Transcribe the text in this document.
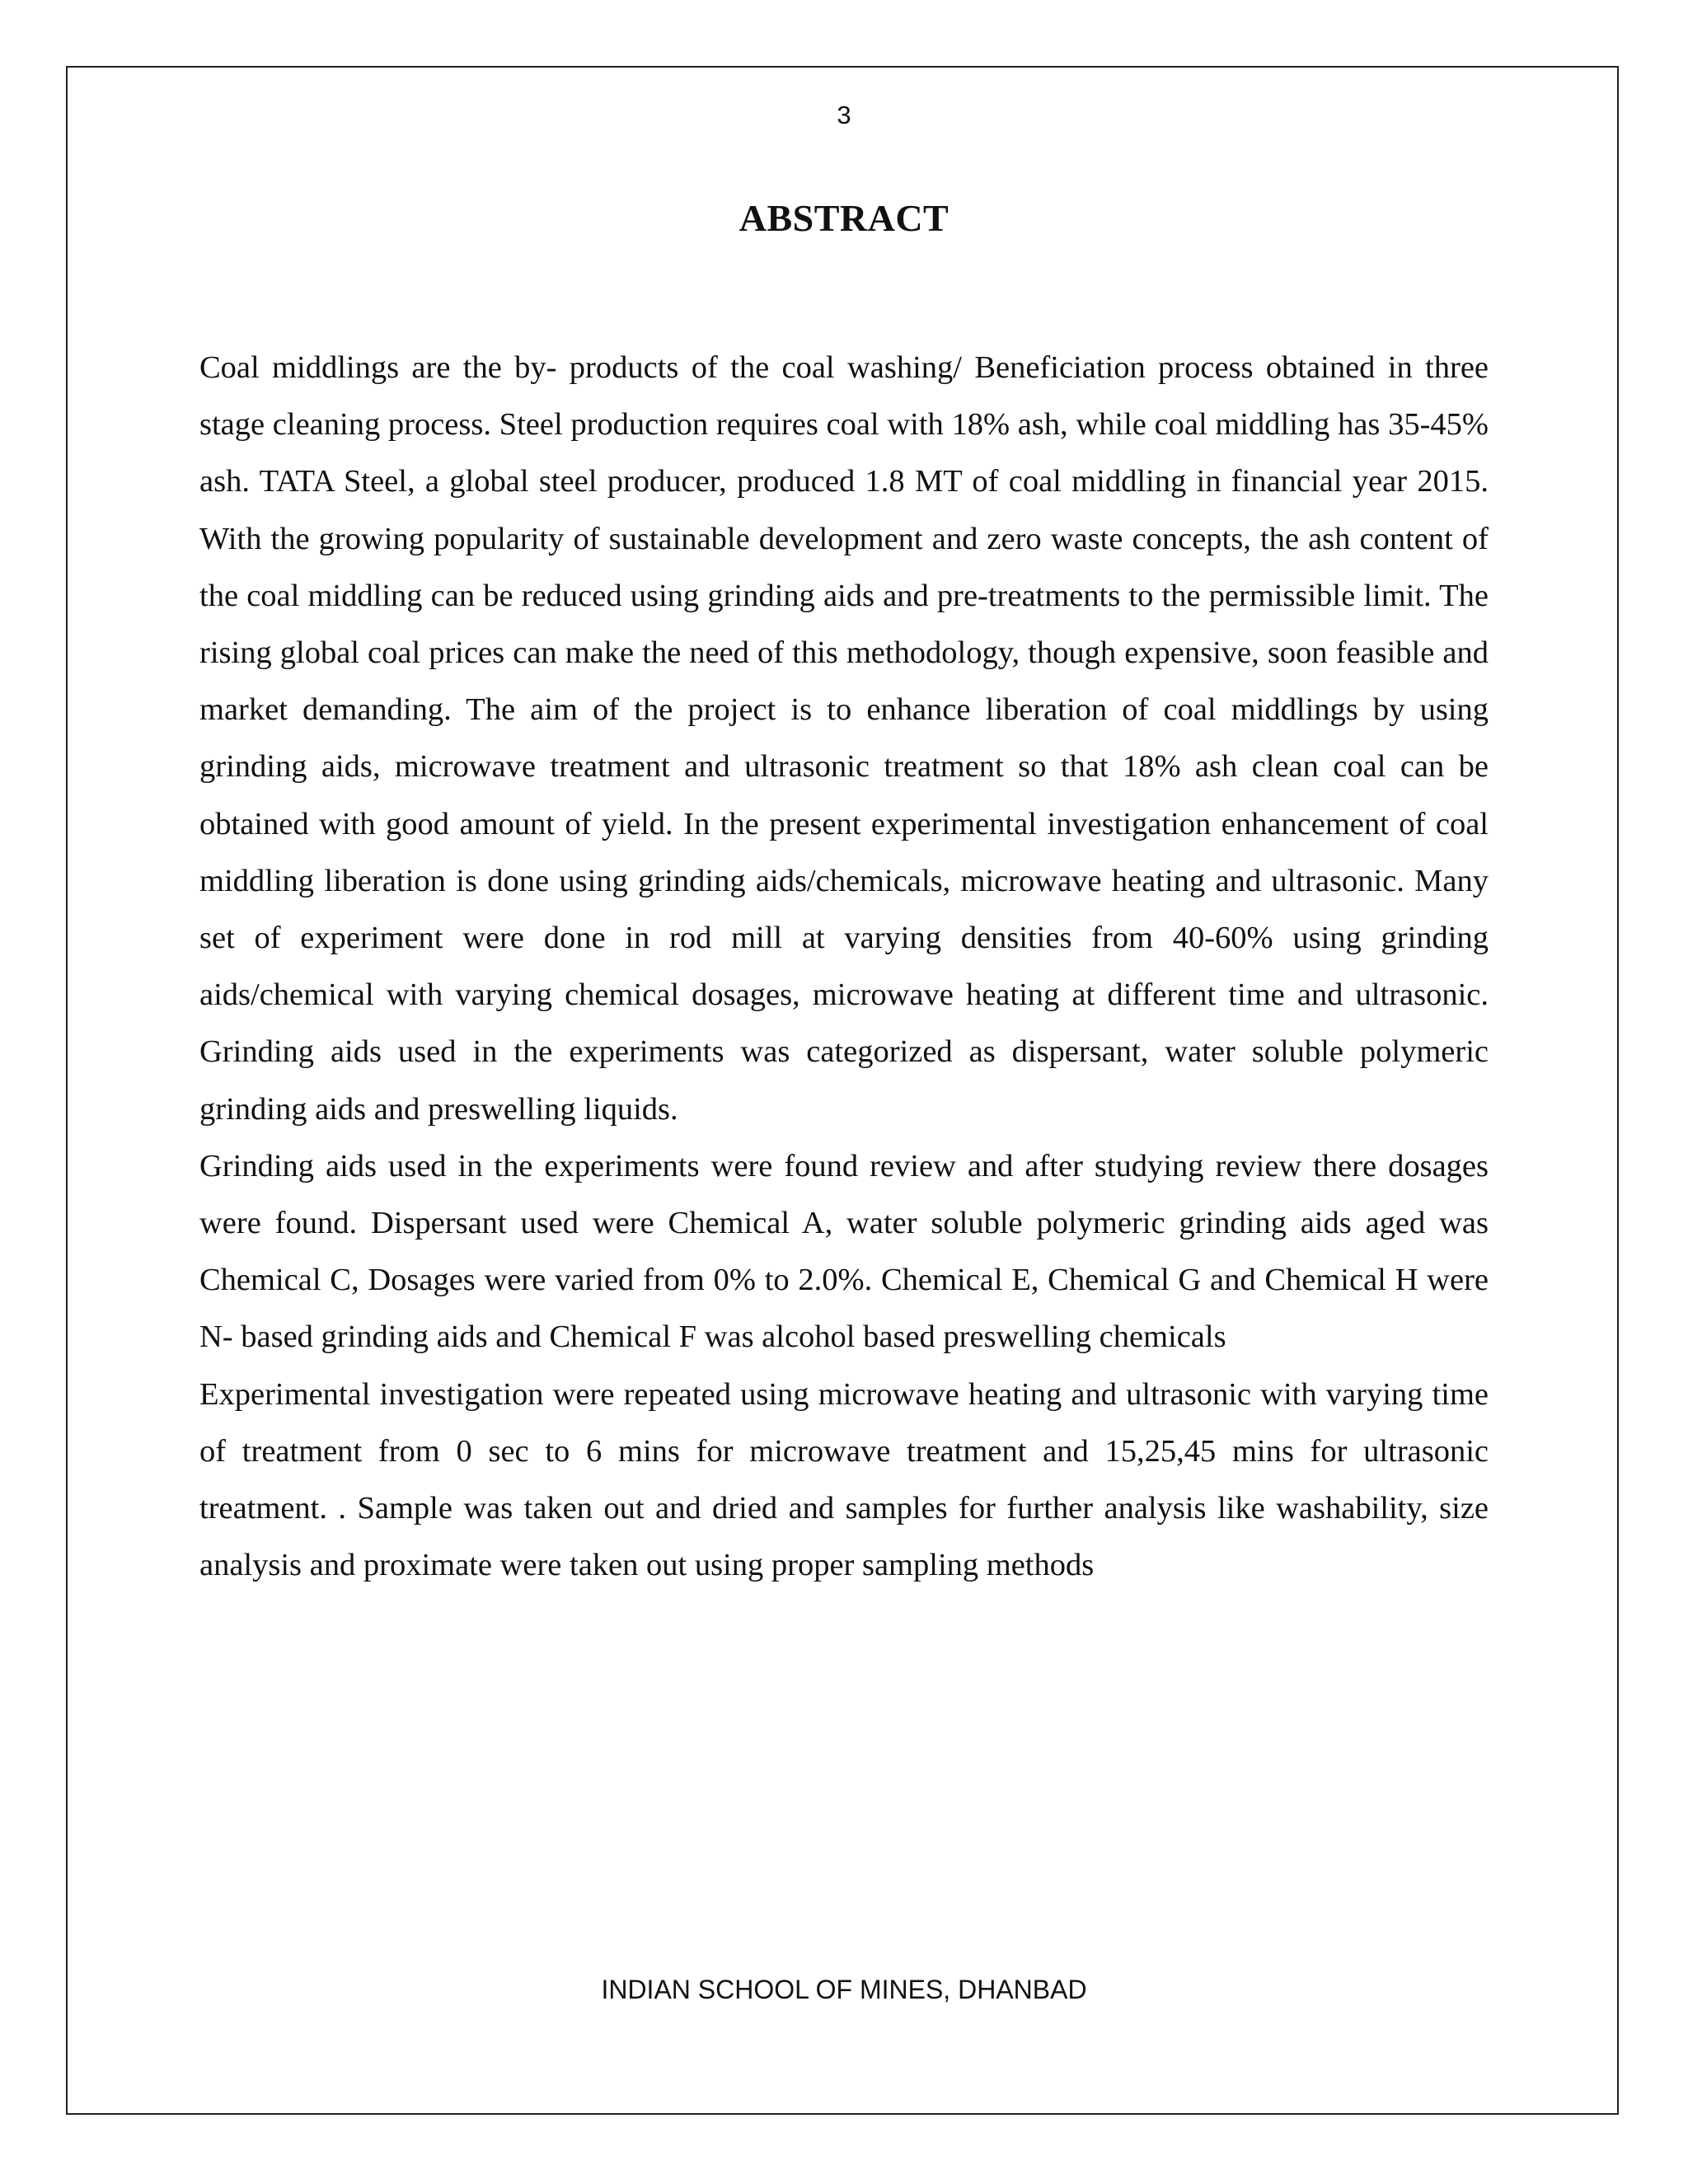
3
ABSTRACT

Coal middlings are the by- products of the coal washing/ Beneficiation process obtained in three stage cleaning process. Steel production requires coal with 18% ash, while coal middling has 35-45% ash. TATA Steel, a global steel producer, produced 1.8 MT of coal middling in financial year 2015. With the growing popularity of sustainable development and zero waste concepts, the ash content of the coal middling can be reduced using grinding aids and pre-treatments to the permissible limit. The rising global coal prices can make the need of this methodology, though expensive, soon feasible and market demanding. The aim of the project is to enhance liberation of coal middlings by using grinding aids, microwave treatment and ultrasonic treatment so that 18% ash clean coal can be obtained with good amount of yield. In the present experimental investigation enhancement of coal middling liberation is done using grinding aids/chemicals, microwave heating and ultrasonic. Many set of experiment were done in rod mill at varying densities from 40-60% using grinding aids/chemical with varying chemical dosages, microwave heating at different time and ultrasonic. Grinding aids used in the experiments was categorized as dispersant, water soluble polymeric grinding aids and preswelling liquids.

Grinding aids used in the experiments were found review and after studying review there dosages were found. Dispersant used were Chemical A, water soluble polymeric grinding aids aged was Chemical C, Dosages were varied from 0% to 2.0%. Chemical E, Chemical G and Chemical H were N- based grinding aids and Chemical F was alcohol based preswelling chemicals

Experimental investigation were repeated using microwave heating and ultrasonic with varying time of treatment from 0 sec to 6 mins for microwave treatment and 15,25,45 mins for ultrasonic treatment. . Sample was taken out and dried and samples for further analysis like washability, size analysis and proximate were taken out using proper sampling methods

INDIAN SCHOOL OF MINES, DHANBAD
